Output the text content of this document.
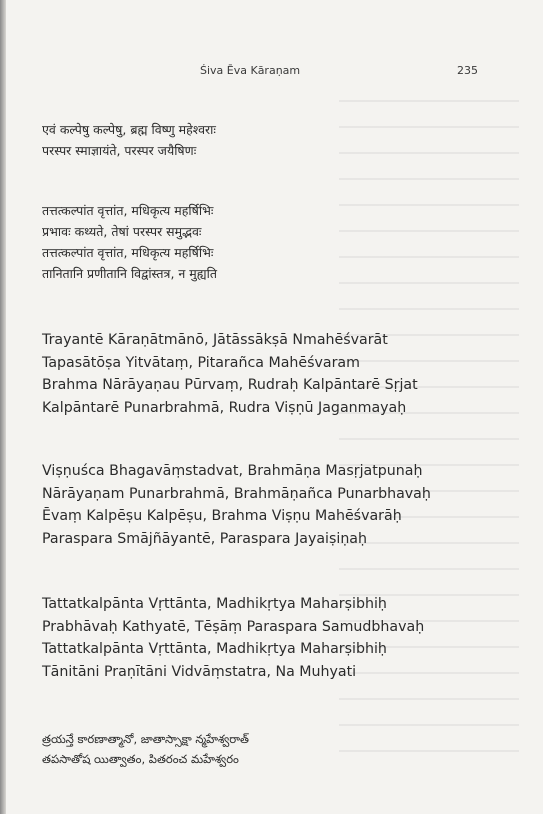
Śiva Ēva Kāraṇam	235
एवं कल्पेषु कल्पेषु, ब्रह्म विष्णु महेश्वराः
परस्पर स्माज्ञायंते, परस्पर जयैषिणः
तत्तत्कल्पांत वृत्तांत, मधिकृत्य महर्षिभिः
प्रभावः कथ्यते, तेषां परस्पर समुद्भवः
तत्तत्कल्पांत वृत्तांत, मधिकृत्य महर्षिभिः
तानितानि प्रणीतानि विद्वांस्तत्र, न मुह्यति
Trayantē Kāraṇātmānō, Jātāssākṣā Nmahēśvarāt
Tapasātōṣa Yitvātaṃ, Pitarañca Mahēśvaram
Brahma Nārāyaṇau Pūrvaṃ, Rudraḥ Kalpāntarē Sṛjat
Kalpāntarē Punarbrahmā, Rudra Viṣṇū Jaganmayaḥ
Viṣṇuśca Bhagavāṃstadvat, Brahmāṇa Masṛjatpunaḥ
Nārāyaṇam Punarbrahmā, Brahmāṇañca Punarbhavaḥ
Ēvaṃ Kalpēṣu Kalpēṣu, Brahma Viṣṇu Mahēśvarāḥ
Paraspara Smājñāyantē, Paraspara Jayaiṣiṇaḥ
Tattatkalpānta Vṛttānta, Madhikṛtya Maharṣibhiḥ
Prabhāvaḥ Kathyatē, Tēṣāṃ Paraspara Samudbhavaḥ
Tattatkalpānta Vṛttānta, Madhikṛtya Maharṣibhiḥ
Tānitāni Praṇītāni Vidvāṃstatra, Na Muhyati
త్రయన్తే కారణాత్మానో, జాతాస్సాక్షా న్మహేశ్వరాత్
తపసాతోష యిత్వాతం, పితరంచ మహేశ్వరం
